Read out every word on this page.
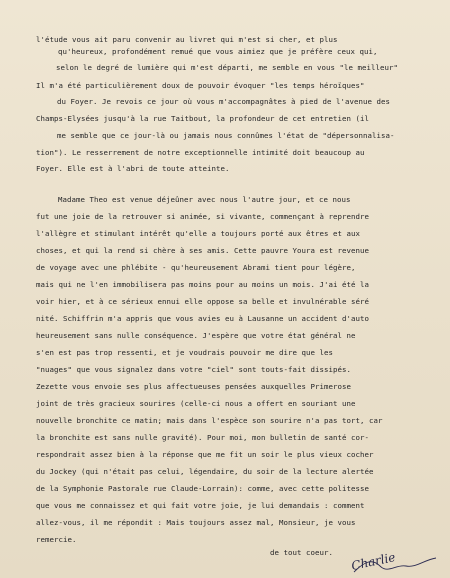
l'étude vous ait paru convenir au livret qui m'est si cher, et plus
qu'heureux, profondément remué que vous aimiez que je préfère ceux qui,
selon le degré de lumière qui m'est départi, me semble en vous "le meilleur"
Il m'a été particulièrement doux de pouvoir évoquer "les temps héroïques"
du Foyer. Je revois ce jour où vous m'accompagnâtes à pied de l'avenue des
Champs-Elysées jusqu'à la rue Taitbout, la profondeur de cet entretien (il
me semble que ce jour-là ou jamais nous connûmes l'état de "dépersonnalisa-
tion"). Le resserrement de notre exceptionnelle intimité doit beaucoup au
Foyer. Elle est à l'abri de toute atteinte.
Madame Theo est venue déjeûner avec nous l'autre jour, et ce nous
fut une joie de la retrouver si animée, si vivante, commençant à reprendre
l'allègre et stimulant intérêt qu'elle a toujours porté aux êtres et aux
choses, et qui la rend si chère à ses amis. Cette pauvre Youra est revenue
de voyage avec une phlébite - qu'heureusement Abrami tient pour légère,
mais qui ne l'en immobilisera pas moins pour au moins un mois. J'ai été la
voir hier, et à ce sérieux ennui elle oppose sa belle et invulnérable séré
nité. Schiffrin m'a appris que vous avies eu à Lausanne un accident d'auto
heureusement sans nulle conséquence. J'espère que votre état général ne
s'en est pas trop ressenti, et je voudrais pouvoir me dire que les
"nuages" que vous signalez dans votre "ciel" sont touts-fait dissipés.
Zezette vous envoie ses plus affectueuses pensées auxquelles Primerose
joint de très gracieux sourires (celle-ci nous a offert en souriant une
nouvelle bronchite ce matin; mais dans l'espèce son sourire n'a pas tort, car
la bronchite est sans nulle gravité). Pour moi, mon bulletin de santé cor-
respondrait assez bien à la réponse que me fit un soir le plus vieux cocher
du Jockey (qui n'était pas celui, légendaire, du soir de la lecture alertée
de la Symphonie Pastorale rue Claude-Lorrain): comme, avec cette politesse
que vous me connaissez et qui fait votre joie, je lui demandais : comment
allez-vous, il me répondit : Mais toujours assez mal, Monsieur, je vous
remercie.
de tout coeur. Charlie
